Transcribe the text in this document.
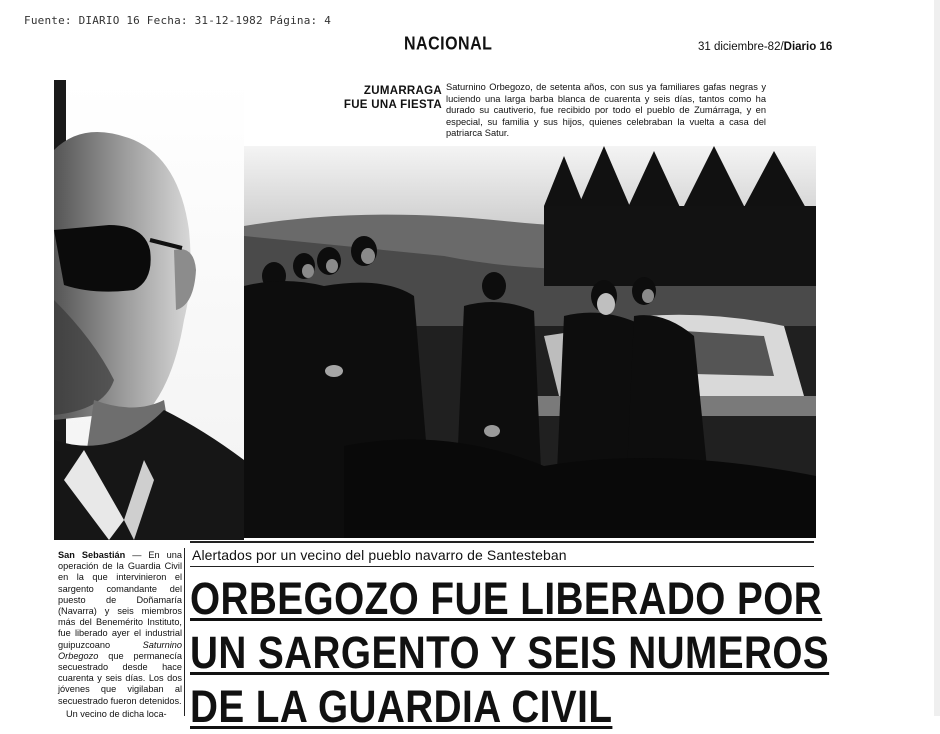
Fuente: DIARIO 16 Fecha: 31-12-1982 Página: 4
NACIONAL	31 diciembre-82/Diario 16
ZUMARRAGA
FUE UNA FIESTA
Saturnino Orbegozo, de setenta años, con sus ya familiares gafas negras y luciendo una larga barba blanca de cuarenta y seis días, tantos como ha durado su cautiverio, fue recibido por todo el pueblo de Zumárraga, y en especial, su familia y sus hijos, quienes celebraban la vuelta a casa del patriarca Satur.

San Sebastián — En una operación de la Guardia Civil en la que intervinieron el sargento comandante del puesto de Doñamaría (Navarra) y seis miembros más del Benemérito Instituto, fue liberado ayer el industrial guipuzcoano Saturnino Orbegozo que permanecía secuestrado desde hace cuarenta y seis días. Los dos jóvenes que vigilaban al secuestrado fueron detenidos.

Un vecino de dicha loca-

Alertados por un vecino del pueblo navarro de Santesteban
ORBEGOZO FUE LIBERADO POR
UN SARGENTO Y SEIS NUMEROS
DE LA GUARDIA CIVIL
